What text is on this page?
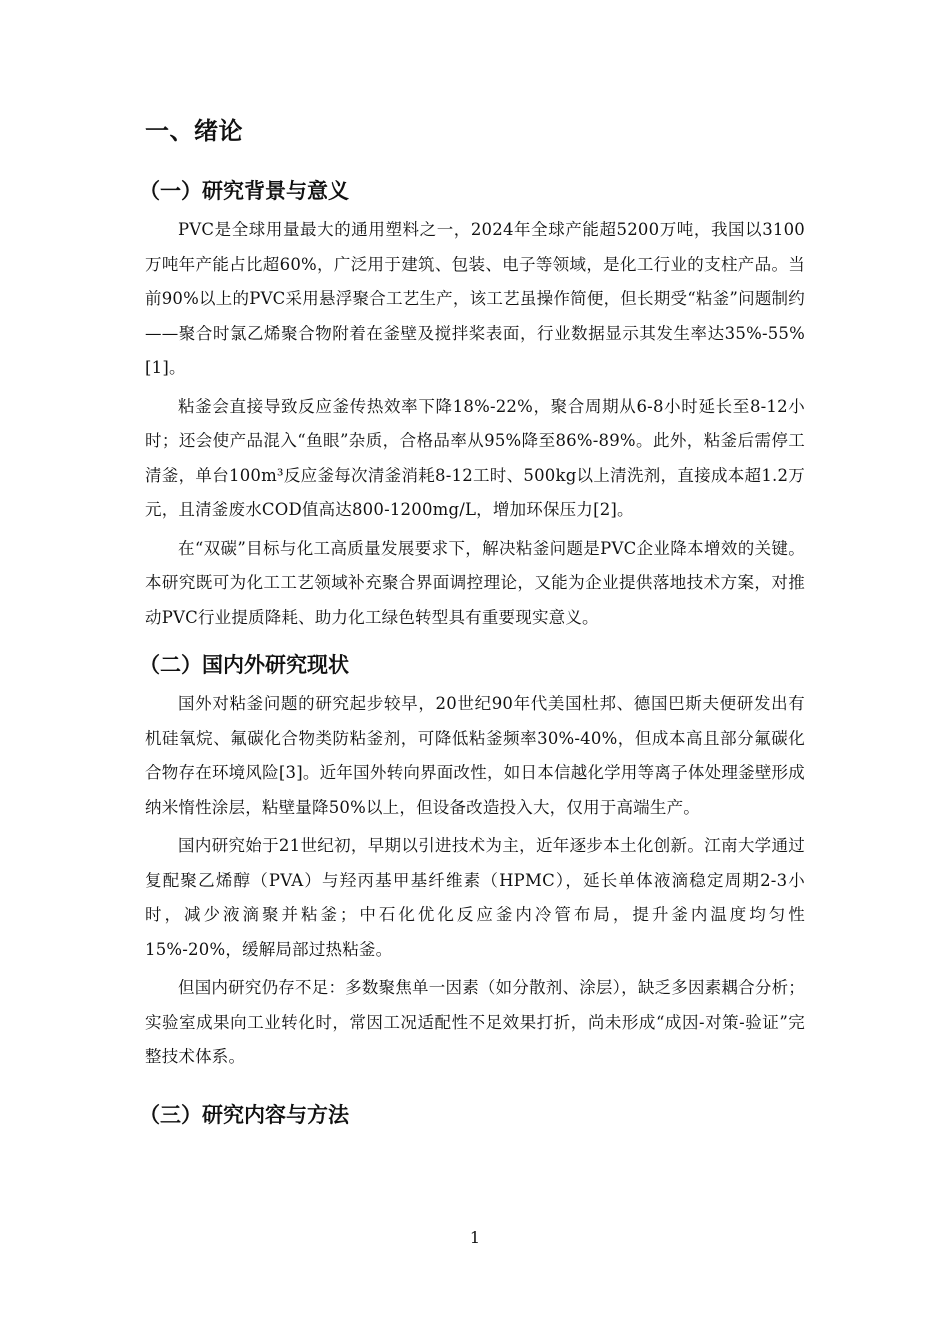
一、绪论
（一）研究背景与意义

PVC是全球用量最大的通用塑料之一，2024年全球产能超5200万吨，我国以3100万吨年产能占比超60%，广泛用于建筑、包装、电子等领域，是化工行业的支柱产品。当前90%以上的PVC采用悬浮聚合工艺生产，该工艺虽操作简便，但长期受“粘釜”问题制约——聚合时氯乙烯聚合物附着在釜壁及搅拌桨表面，行业数据显示其发生率达35%-55%[1]。

粘釜会直接导致反应釜传热效率下降18%-22%，聚合周期从6-8小时延长至8-12小时；还会使产品混入“鱼眼”杂质，合格品率从95%降至86%-89%。此外，粘釜后需停工清釜，单台100m³反应釜每次清釜消耗8-12工时、500kg以上清洗剂，直接成本超1.2万元，且清釜废水COD值高达800-1200mg/L，增加环保压力[2]。

在“双碳”目标与化工高质量发展要求下，解决粘釜问题是PVC企业降本增效的关键。本研究既可为化工工艺领域补充聚合界面调控理论，又能为企业提供落地技术方案，对推动PVC行业提质降耗、助力化工绿色转型具有重要现实意义。

（二）国内外研究现状

国外对粘釜问题的研究起步较早，20世纪90年代美国杜邦、德国巴斯夫便研发出有机硅氧烷、氟碳化合物类防粘釜剂，可降低粘釜频率30%-40%，但成本高且部分氟碳化合物存在环境风险[3]。近年国外转向界面改性，如日本信越化学用等离子体处理釜壁形成纳米惰性涂层，粘壁量降50%以上，但设备改造投入大，仅用于高端生产。

国内研究始于21世纪初，早期以引进技术为主，近年逐步本土化创新。江南大学通过复配聚乙烯醇（PVA）与羟丙基甲基纤维素（HPMC），延长单体液滴稳定周期2-3小时，减少液滴聚并粘釜；中石化优化反应釜内冷管布局，提升釜内温度均匀性15%-20%，缓解局部过热粘釜。

但国内研究仍存不足：多数聚焦单一因素（如分散剂、涂层），缺乏多因素耦合分析；实验室成果向工业转化时，常因工况适配性不足效果打折，尚未形成“成因-对策-验证”完整技术体系。

（三）研究内容与方法
1
